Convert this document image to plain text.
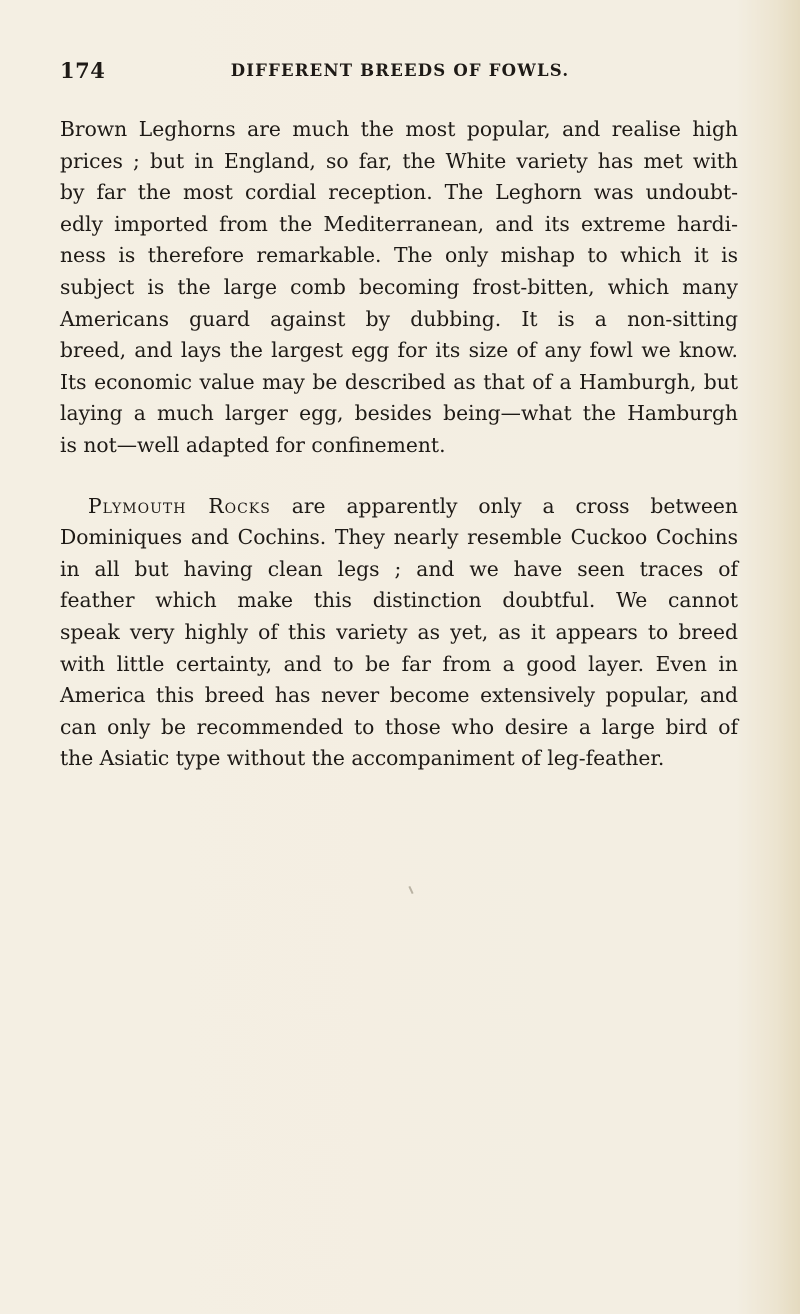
174	DIFFERENT BREEDS OF FOWLS.
Brown Leghorns are much the most popular, and realise high
prices ; but in England, so far, the White variety has met with
by far the most cordial reception. The Leghorn was undoubt-
edly imported from the Mediterranean, and its extreme hardi-
ness is therefore remarkable. The only mishap to which it is
subject is the large comb becoming frost-bitten, which many
Americans guard against by dubbing. It is a non-sitting
breed, and lays the largest egg for its size of any fowl we know.
Its economic value may be described as that of a Hamburgh, but
laying a much larger egg, besides being—what the Hamburgh
is not—well adapted for confinement.
Plymouth Rocks are apparently only a cross between
Dominiques and Cochins. They nearly resemble Cuckoo Cochins
in all but having clean legs ; and we have seen traces of
feather which make this distinction doubtful. We cannot
speak very highly of this variety as yet, as it appears to breed
with little certainty, and to be far from a good layer. Even in
America this breed has never become extensively popular, and
can only be recommended to those who desire a large bird of
the Asiatic type without the accompaniment of leg-feather.
